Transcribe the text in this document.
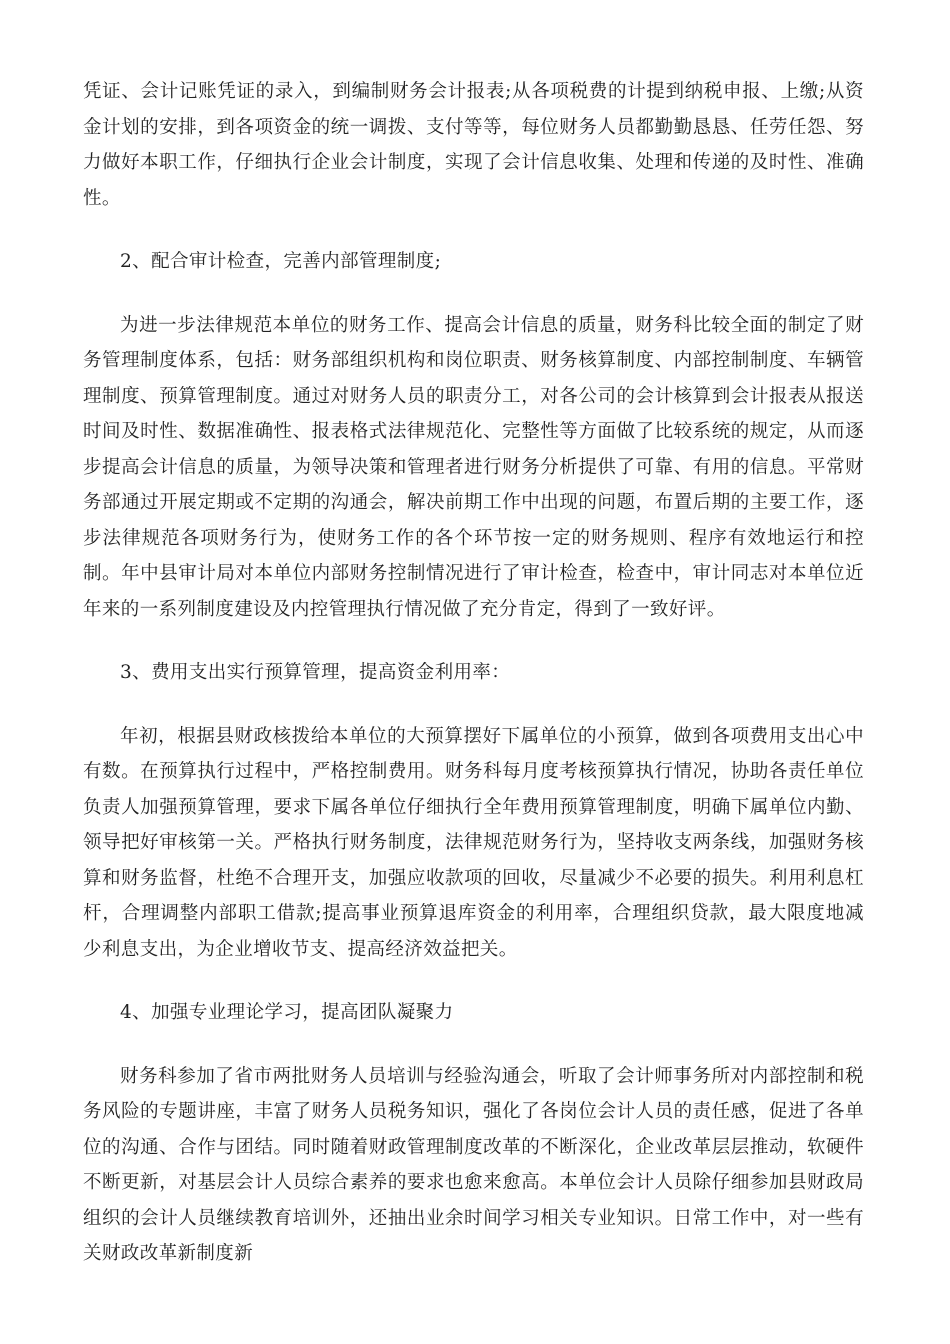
凭证、会计记账凭证的录入，到编制财务会计报表;从各项税费的计提到纳税申报、上缴;从资金计划的安排，到各项资金的统一调拨、支付等等，每位财务人员都勤勤恳恳、任劳任怨、努力做好本职工作，仔细执行企业会计制度，实现了会计信息收集、处理和传递的及时性、准确性。

2、配合审计检查，完善内部管理制度;

为进一步法律规范本单位的财务工作、提高会计信息的质量，财务科比较全面的制定了财务管理制度体系，包括：财务部组织机构和岗位职责、财务核算制度、内部控制制度、车辆管理制度、预算管理制度。通过对财务人员的职责分工，对各公司的会计核算到会计报表从报送时间及时性、数据准确性、报表格式法律规范化、完整性等方面做了比较系统的规定，从而逐步提高会计信息的质量，为领导决策和管理者进行财务分析提供了可靠、有用的信息。平常财务部通过开展定期或不定期的沟通会，解决前期工作中出现的问题，布置后期的主要工作，逐步法律规范各项财务行为，使财务工作的各个环节按一定的财务规则、程序有效地运行和控制。年中县审计局对本单位内部财务控制情况进行了审计检查，检查中，审计同志对本单位近年来的一系列制度建设及内控管理执行情况做了充分肯定，得到了一致好评。

3、费用支出实行预算管理，提高资金利用率：

年初，根据县财政核拨给本单位的大预算摆好下属单位的小预算，做到各项费用支出心中有数。在预算执行过程中，严格控制费用。财务科每月度考核预算执行情况，协助各责任单位负责人加强预算管理，要求下属各单位仔细执行全年费用预算管理制度，明确下属单位内勤、领导把好审核第一关。严格执行财务制度，法律规范财务行为，坚持收支两条线，加强财务核算和财务监督，杜绝不合理开支，加强应收款项的回收，尽量减少不必要的损失。利用利息杠杆，合理调整内部职工借款;提高事业预算退库资金的利用率，合理组织贷款，最大限度地减少利息支出，为企业增收节支、提高经济效益把关。

4、加强专业理论学习，提高团队凝聚力

财务科参加了省市两批财务人员培训与经验沟通会，听取了会计师事务所对内部控制和税务风险的专题讲座，丰富了财务人员税务知识，强化了各岗位会计人员的责任感，促进了各单位的沟通、合作与团结。同时随着财政管理制度改革的不断深化，企业改革层层推动，软硬件不断更新，对基层会计人员综合素养的要求也愈来愈高。本单位会计人员除仔细参加县财政局组织的会计人员继续教育培训外，还抽出业余时间学习相关专业知识。日常工作中，对一些有关财政改革新制度新
